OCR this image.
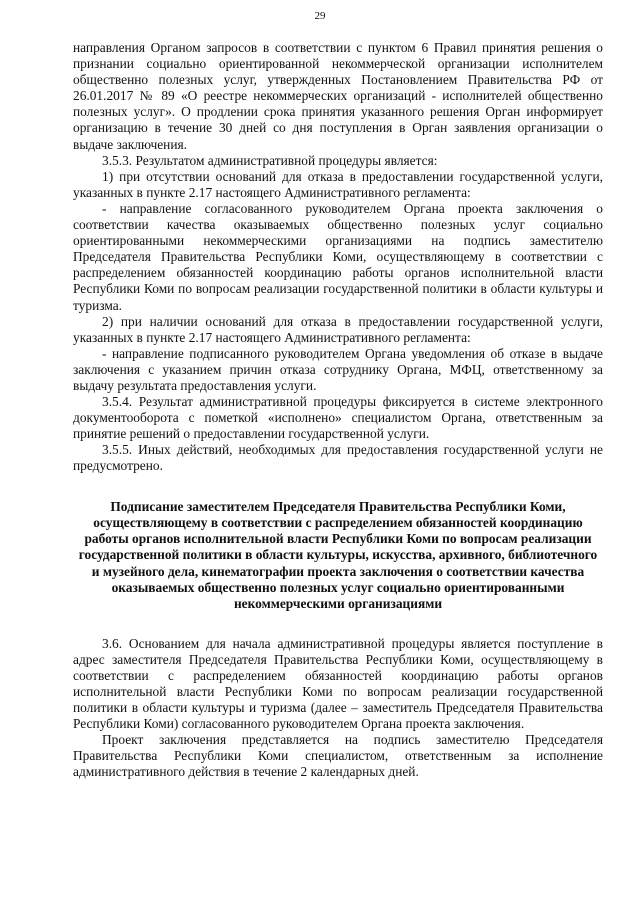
29

направления Органом запросов в соответствии с пунктом 6 Правил принятия решения о признании социально ориентированной некоммерческой организации исполнителем общественно полезных услуг, утвержденных Постановлением Правительства РФ от 26.01.2017 № 89 «О реестре некоммерческих организаций - исполнителей общественно полезных услуг». О продлении срока принятия указанного решения Орган информирует организацию в течение 30 дней со дня поступления в Орган заявления организации о выдаче заключения.

3.5.3. Результатом административной процедуры является:

1) при отсутствии оснований для отказа в предоставлении государственной услуги, указанных в пункте 2.17 настоящего Административного регламента:

- направление согласованного руководителем Органа проекта заключения о соответствии качества оказываемых общественно полезных услуг социально ориентированными некоммерческими организациями на подпись заместителю Председателя Правительства Республики Коми, осуществляющему в соответствии с распределением обязанностей координацию работы органов исполнительной власти Республики Коми по вопросам реализации государственной политики в области культуры и туризма.

2) при наличии оснований для отказа в предоставлении государственной услуги, указанных в пункте 2.17 настоящего Административного регламента:

- направление подписанного руководителем Органа уведомления об отказе в выдаче заключения с указанием причин отказа сотруднику Органа, МФЦ, ответственному за выдачу результата предоставления услуги.

3.5.4. Результат административной процедуры фиксируется в системе электронного документооборота с пометкой «исполнено» специалистом Органа, ответственным за принятие решений о предоставлении государственной услуги.

3.5.5. Иных действий, необходимых для предоставления государственной услуги не предусмотрено.

Подписание заместителем Председателя Правительства Республики Коми, осуществляющему в соответствии с распределением обязанностей координацию работы органов исполнительной власти Республики Коми по вопросам реализации государственной политики в области культуры, искусства, архивного, библиотечного и музейного дела, кинематографии проекта заключения о соответствии качества оказываемых общественно полезных услуг социально ориентированными некоммерческими организациями

3.6. Основанием для начала административной процедуры является поступление в адрес заместителя Председателя Правительства Республики Коми, осуществляющему в соответствии с распределением обязанностей координацию работы органов исполнительной власти Республики Коми по вопросам реализации государственной политики в области культуры и туризма (далее – заместитель Председателя Правительства Республики Коми) согласованного руководителем Органа проекта заключения.

Проект заключения представляется на подпись заместителю Председателя Правительства Республики Коми специалистом, ответственным за исполнение административного действия в течение 2 календарных дней.
